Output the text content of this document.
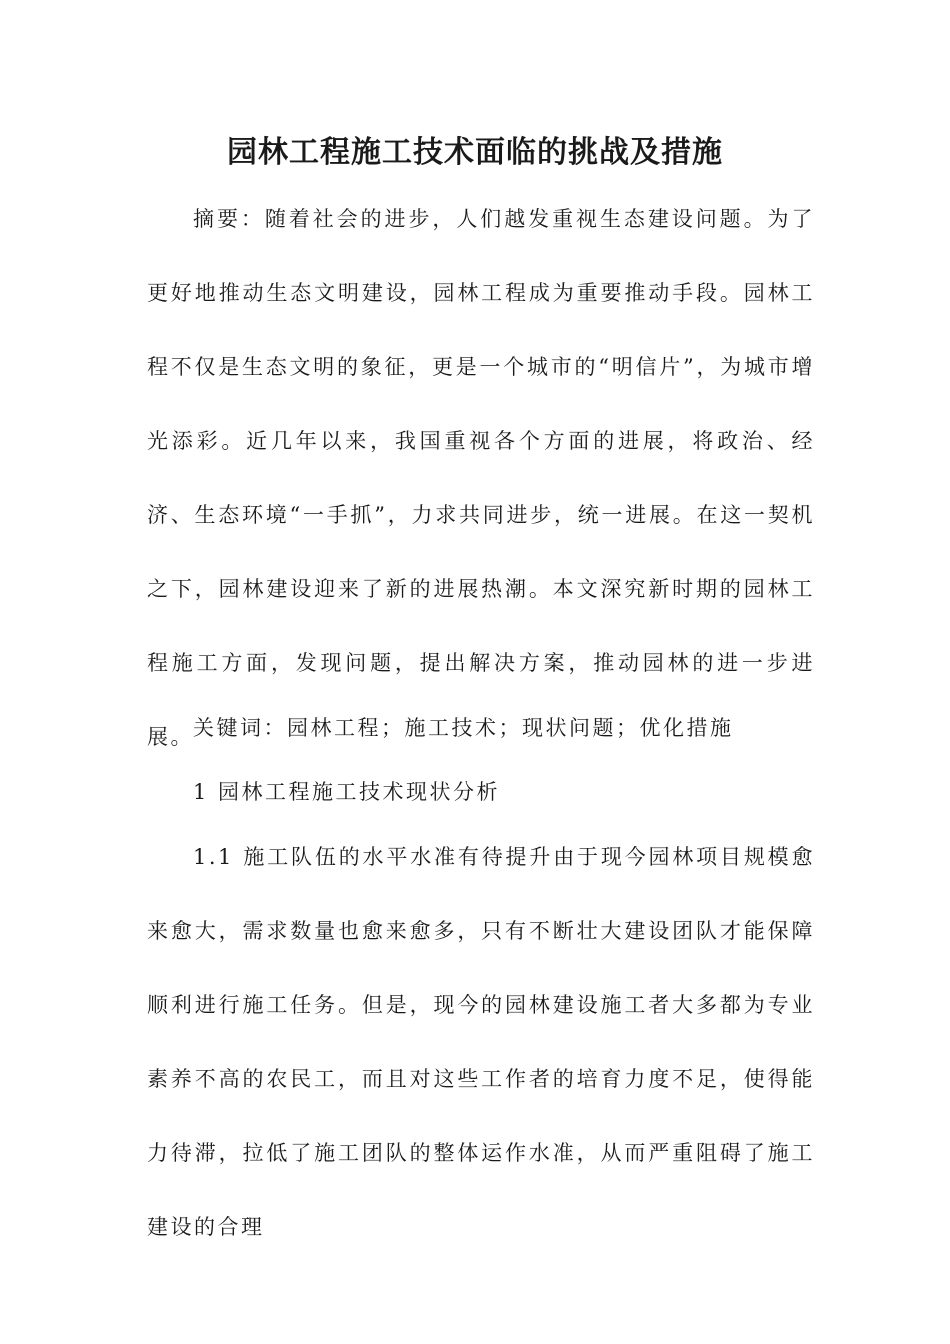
园林工程施工技术面临的挑战及措施

摘要：随着社会的进步，人们越发重视生态建设问题。为了更好地推动生态文明建设，园林工程成为重要推动手段。园林工程不仅是生态文明的象征，更是一个城市的“明信片”，为城市增光添彩。近几年以来，我国重视各个方面的进展，将政治、经济、生态环境“一手抓”，力求共同进步，统一进展。在这一契机之下，园林建设迎来了新的进展热潮。本文深究新时期的园林工程施工方面，发现问题，提出解决方案，推动园林的进一步进展。 关键词：园林工程；施工技术；现状问题；优化措施

1 园林工程施工技术现状分析

1.1 施工队伍的水平水准有待提升由于现今园林项目规模愈来愈大，需求数量也愈来愈多，只有不断壮大建设团队才能保障顺利进行施工任务。但是，现今的园林建设施工者大多都为专业素养不高的农民工，而且对这些工作者的培育力度不足，使得能力待滞，拉低了施工团队的整体运作水准，从而严重阻碍了施工建设的合理
